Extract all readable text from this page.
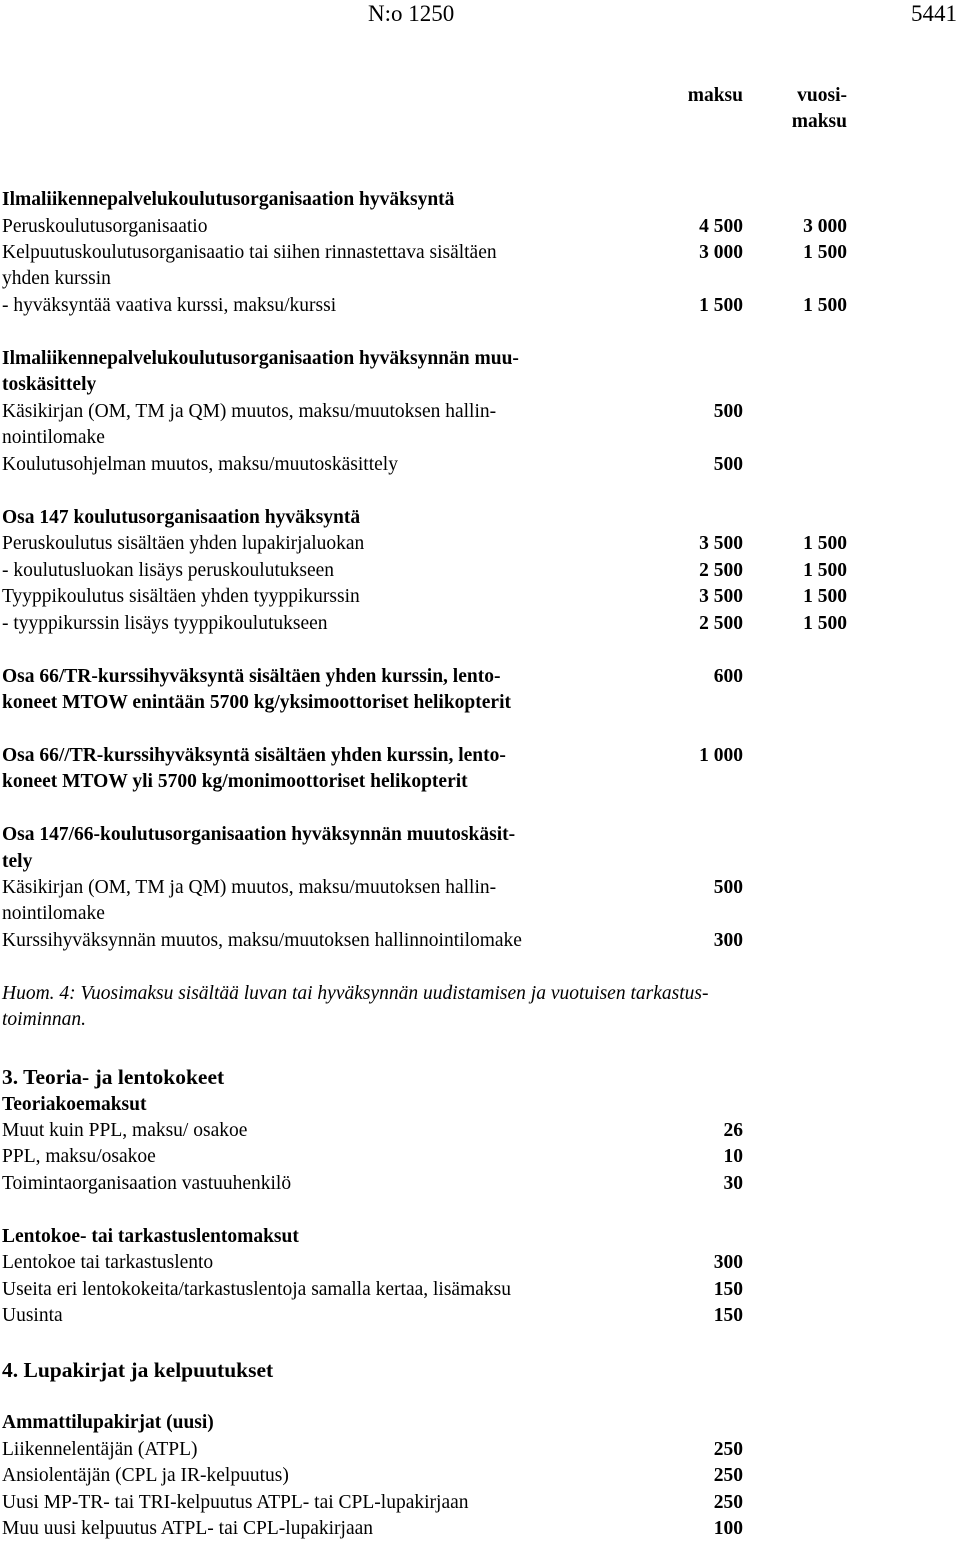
N:o 1250	5441
maksu	vuosi-
maksu
Ilmaliikennepalvelukoulutusorganisaation hyväksyntä
Peruskoulutusorganisaatio	4 500	3 000
Kelpuutuskoulutusorganisaatio tai siihen rinnastettava sisältäen	3 000	1 500
yhden kurssin
- hyväksyntää vaativa kurssi, maksu/kurssi	1 500	1 500
Ilmaliikennepalvelukoulutusorganisaation hyväksynnän muu-
toskäsittely
Käsikirjan (OM, TM ja QM) muutos, maksu/muutoksen hallin-	500
nointilomake
Koulutusohjelman muutos, maksu/muutoskäsittely	500
Osa 147 koulutusorganisaation hyväksyntä
Peruskoulutus sisältäen yhden lupakirjaluokan	3 500	1 500
- koulutusluokan lisäys peruskoulutukseen	2 500	1 500
Tyyppikoulutus sisältäen yhden tyyppikurssin	3 500	1 500
- tyyppikurssin lisäys tyyppikoulutukseen	2 500	1 500
Osa 66/TR-kurssihyväksyntä sisältäen yhden kurssin, lento-	600
koneet MTOW enintään 5700 kg/yksimoottoriset helikopterit
Osa 66//TR-kurssihyväksyntä sisältäen yhden kurssin, lento-	1 000
koneet MTOW yli 5700 kg/monimoottoriset helikopterit
Osa 147/66-koulutusorganisaation hyväksynnän muutoskäsit-
tely
Käsikirjan (OM, TM ja QM) muutos, maksu/muutoksen hallin-	500
nointilomake
Kurssihyväksynnän muutos, maksu/muutoksen hallinnointilomake	300
Huom. 4: Vuosimaksu sisältää luvan tai hyväksynnän uudistamisen ja vuotuisen tarkastus-
toiminnan.
3. Teoria- ja lentokokeet
Teoriakoemaksut
Muut kuin PPL, maksu/ osakoe	26
PPL, maksu/osakoe	10
Toimintaorganisaation vastuuhenkilö	30
Lentokoe- tai tarkastuslentomaksut
Lentokoe tai tarkastuslento	300
Useita eri lentokokeita/tarkastuslentoja samalla kertaa, lisämaksu	150
Uusinta	150
4. Lupakirjat ja kelpuutukset
Ammattilupakirjat (uusi)
Liikennelentäjän (ATPL)	250
Ansiolentäjän (CPL ja IR-kelpuutus)	250
Uusi MP-TR- tai TRI-kelpuutus ATPL- tai CPL-lupakirjaan	250
Muu uusi kelpuutus ATPL- tai CPL-lupakirjaan	100
